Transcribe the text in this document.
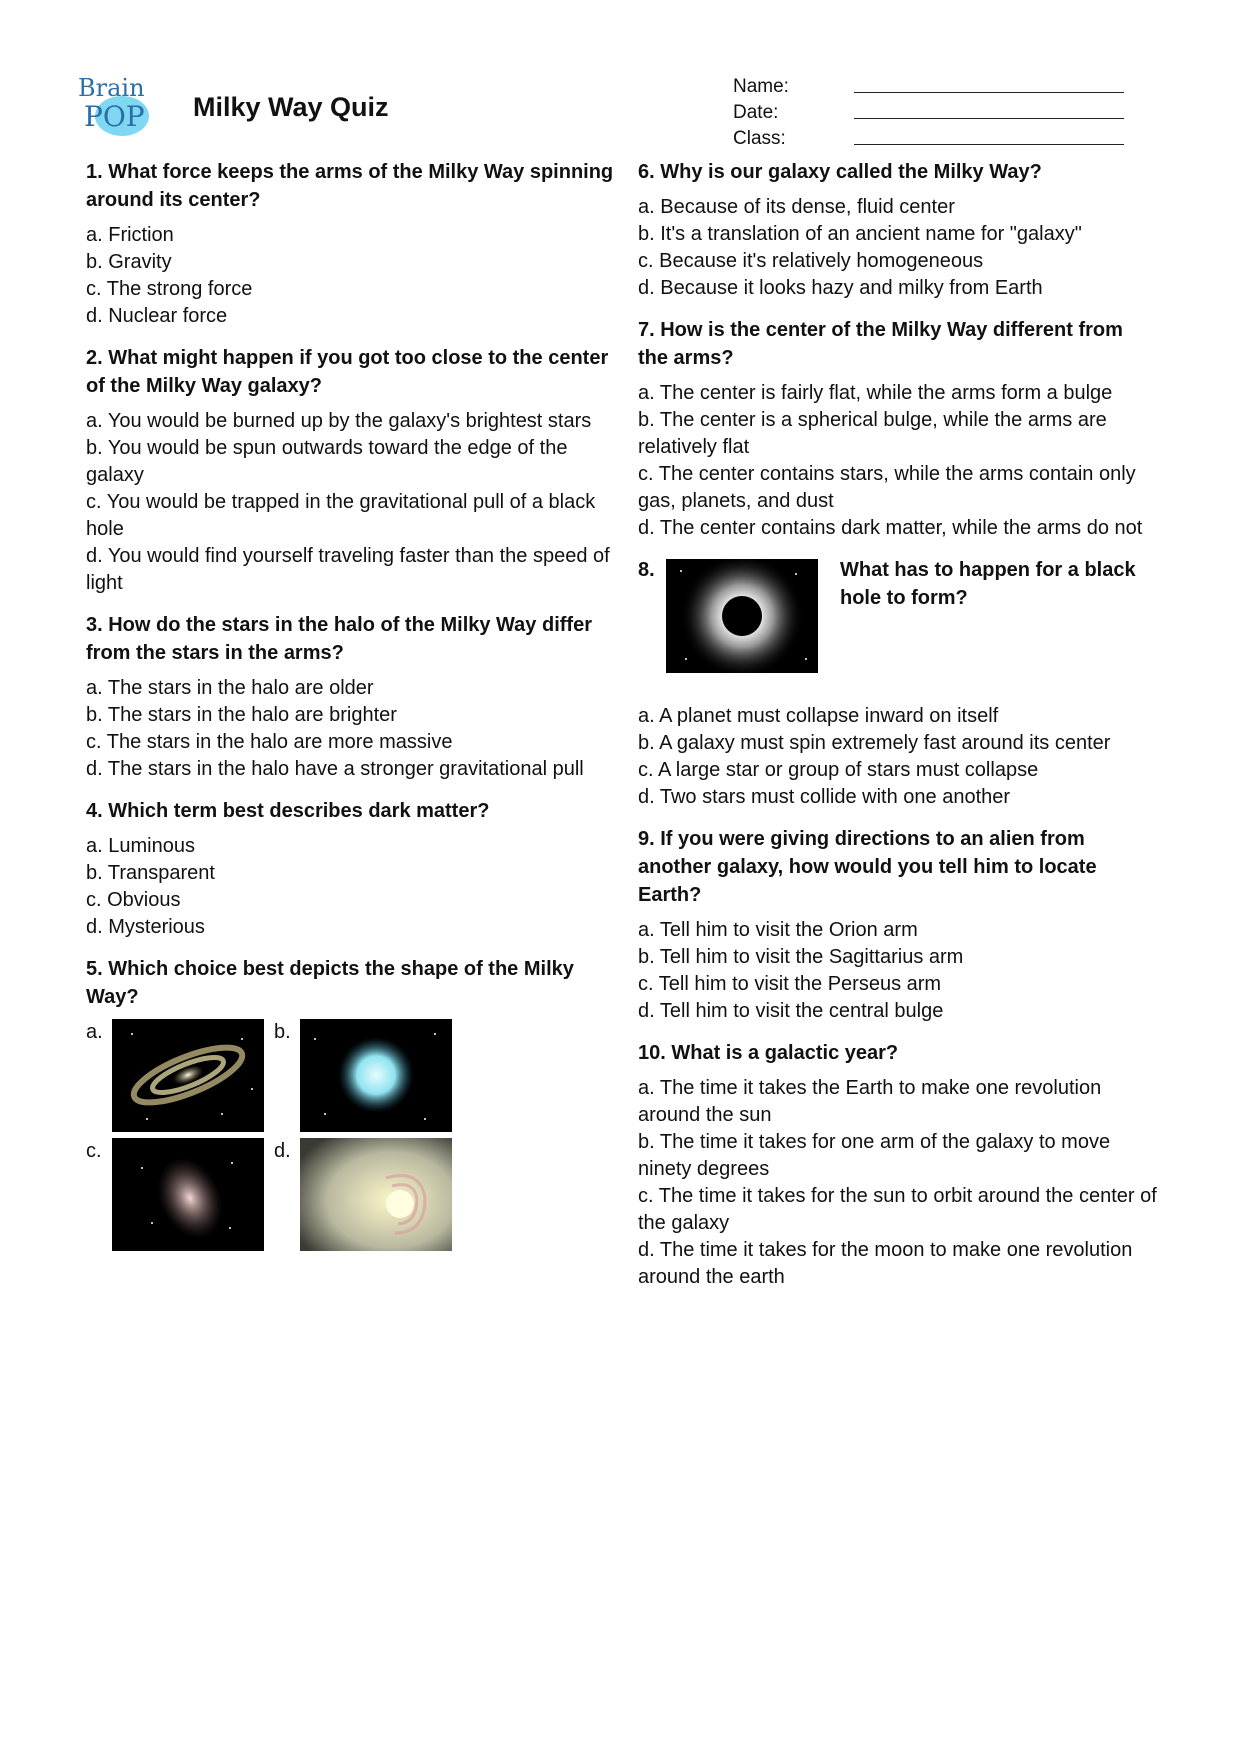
Brain
POP Milky Way Quiz
Name:
Date:
Class:
1. What force keeps the arms of the Milky Way spinning around its center?
a. Friction
b. Gravity
c. The strong force
d. Nuclear force
2. What might happen if you got too close to the center of the Milky Way galaxy?
a. You would be burned up by the galaxy's brightest stars
b. You would be spun outwards toward the edge of the galaxy
c. You would be trapped in the gravitational pull of a black hole
d. You would find yourself traveling faster than the speed of light
3. How do the stars in the halo of the Milky Way differ from the stars in the arms?
a. The stars in the halo are older
b. The stars in the halo are brighter
c. The stars in the halo are more massive
d. The stars in the halo have a stronger gravitational pull
4. Which term best describes dark matter?
a. Luminous
b. Transparent
c. Obvious
d. Mysterious
5. Which choice best depicts the shape of the Milky Way?
a.	b.
c.	d.
6. Why is our galaxy called the Milky Way?
a. Because of its dense, fluid center
b. It's a translation of an ancient name for "galaxy"
c. Because it's relatively homogeneous
d. Because it looks hazy and milky from Earth
7. How is the center of the Milky Way different from the arms?
a. The center is fairly flat, while the arms form a bulge
b. The center is a spherical bulge, while the arms are relatively flat
c. The center contains stars, while the arms contain only gas, planets, and dust
d. The center contains dark matter, while the arms do not
8.	What has to happen for a black hole to form?
a. A planet must collapse inward on itself
b. A galaxy must spin extremely fast around its center
c. A large star or group of stars must collapse
d. Two stars must collide with one another
9. If you were giving directions to an alien from another galaxy, how would you tell him to locate Earth?
a. Tell him to visit the Orion arm
b. Tell him to visit the Sagittarius arm
c. Tell him to visit the Perseus arm
d. Tell him to visit the central bulge
10. What is a galactic year?
a. The time it takes the Earth to make one revolution around the sun
b. The time it takes for one arm of the galaxy to move ninety degrees
c. The time it takes for the sun to orbit around the center of the galaxy
d. The time it takes for the moon to make one revolution around the earth
